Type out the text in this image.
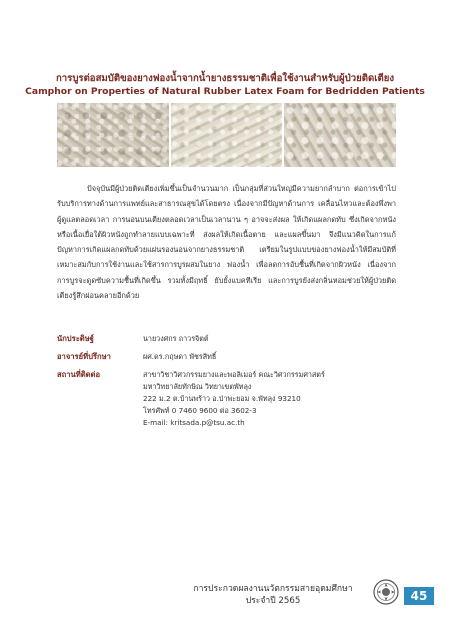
การบูรต่อสมบัติของยางฟองน้ำจากน้ำยางธรรมชาติเพื่อใช้งานสำหรับผู้ป่วยติดเตียง
Camphor on Properties of Natural Rubber Latex Foam for Bedridden Patients

ปัจจุบันมีผู้ป่วยติดเตียงเพิ่มขึ้นเป็นจำนวนมาก เป็นกลุ่มที่ส่วนใหญ่มีความยากลำบาก ต่อการเข้าไปรับบริการทางด้านการแพทย์และสาธารณสุขได้โดยตรง เนื่องจากมีปัญหาด้านการ เคลื่อนไหวและต้องพึ่งพาผู้ดูแลตลอดเวลา การนอนบนเตียงตลอดเวลาเป็นเวลานาน ๆ อาจจะส่งผล ให้เกิดแผลกดทับ ซึ่งเกิดจากหนังหรือเนื้อเยื่อใต้ผิวหนังถูกทำลายแบบเฉพาะที่ ส่งผลให้เกิดเนื้อตาย และแผลขึ้นมา จึงมีแนวคิดในการแก้ปัญหาการเกิดแผลกดทับด้วยแผ่นรองนอนจากยางธรรมชาติ เตรียมในรูปแบบของยางฟองน้ำให้มีสมบัติที่เหมาะสมกับการใช้งานและใช้สารการบูรผสมในยาง ฟองน้ำ เพื่อลดการอับชื้นที่เกิดจากผิวหนัง เนื่องจากการบูรจะดูดซับความชื้นที่เกิดขึ้น รวมทั้งมีฤทธิ์ ยับยั้งแบคทีเรีย และการบูรยังส่งกลิ่นหอมช่วยให้ผู้ป่วยติดเตียงรู้สึกผ่อนคลายอีกด้วย

นักประดิษฐ์	นายวงศกร ถาวรจิตต์
อาจารย์ที่ปรึกษา	ผศ.ดร.กฤษดา พัชรสิทธิ์
สถานที่ติดต่อ	สาขาวิชาวิศวกรรมยางและพอลิเมอร์ คณะวิศวกรรมศาสตร์
มหาวิทยาลัยทักษิณ วิทยาเขตพัทลุง
222 ม.2 ต.บ้านพร้าว อ.ป่าพะยอม จ.พัทลุง 93210
โทรศัพท์ 0 7460 9600 ต่อ 3602-3
E-mail: kritsada.p@tsu.ac.th
การประกวดผลงานนวัตกรรมสายอุดมศึกษา
ประจำปี 2565	45
